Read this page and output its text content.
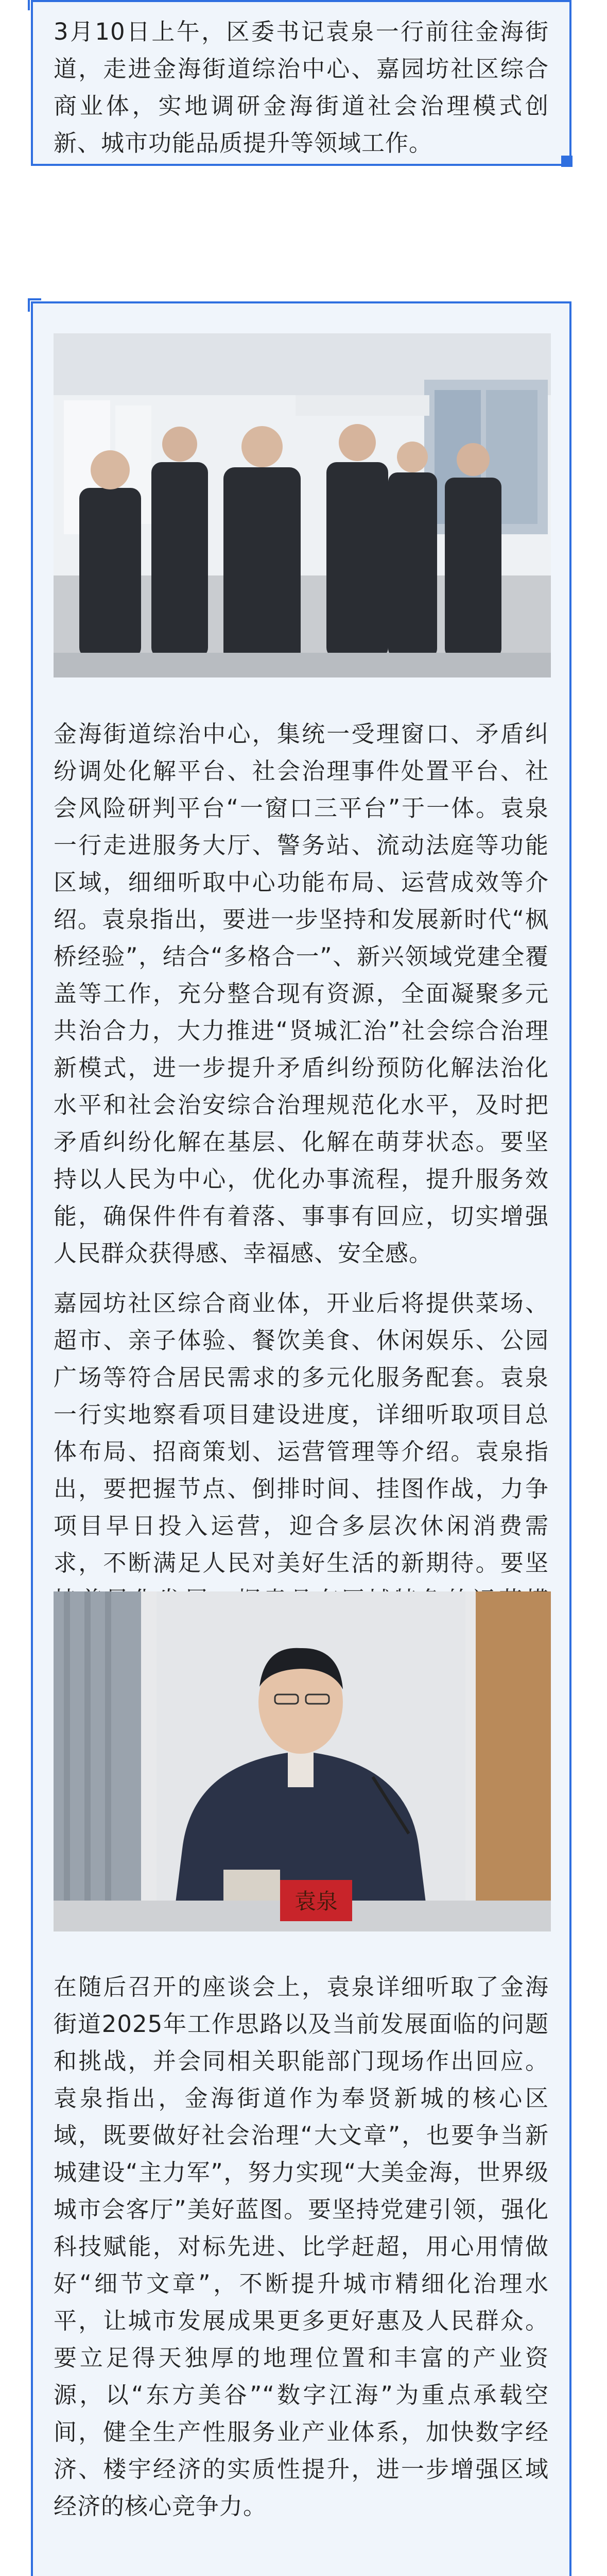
3月10日上午，区委书记袁泉一行前往金海街道，走进金海街道综治中心、嘉园坊社区综合商业体，实地调研金海街道社会治理模式创新、城市功能品质提升等领域工作。

金海街道综治中心，集统一受理窗口、矛盾纠纷调处化解平台、社会治理事件处置平台、社会风险研判平台“一窗口三平台”于一体。袁泉一行走进服务大厅、警务站、流动法庭等功能区域，细细听取中心功能布局、运营成效等介绍。袁泉指出，要进一步坚持和发展新时代“枫桥经验”，结合“多格合一”、新兴领域党建全覆盖等工作，充分整合现有资源，全面凝聚多元共治合力，大力推进“贤城汇治”社会综合治理新模式，进一步提升矛盾纠纷预防化解法治化水平和社会治安综合治理规范化水平，及时把矛盾纠纷化解在基层、化解在萌芽状态。要坚持以人民为中心，优化办事流程，提升服务效能，确保件件有着落、事事有回应，切实增强人民群众获得感、幸福感、安全感。

嘉园坊社区综合商业体，开业后将提供菜场、超市、亲子体验、餐饮美食、休闲娱乐、公园广场等符合居民需求的多元化服务配套。袁泉一行实地察看项目建设进度，详细听取项目总体布局、招商策划、运营管理等介绍。袁泉指出，要把握节点、倒排时间、挂图作战，力争项目早日投入运营，迎合多层次休闲消费需求，不断满足人民对美好生活的新期待。要坚

袁泉

在随后召开的座谈会上，袁泉详细听取了金海街道2025年工作思路以及当前发展面临的问题和挑战，并会同相关职能部门现场作出回应。袁泉指出，金海街道作为奉贤新城的核心区域，既要做好社会治理“大文章”，也要争当新城建设“主力军”，努力实现“大美金海，世界级城市会客厅”美好蓝图。要坚持党建引领，强化科技赋能，对标先进、比学赶超，用心用情做好“细节文章”，不断提升城市精细化治理水平，让城市发展成果更多更好惠及人民群众。要立足得天独厚的地理位置和丰富的产业资源，以“东方美谷”“数字江海”为重点承载空间，健全生产性服务业产业体系，加快数字经济、楼宇经济的实质性提升，进一步增强区域经济的核心竞争力。
